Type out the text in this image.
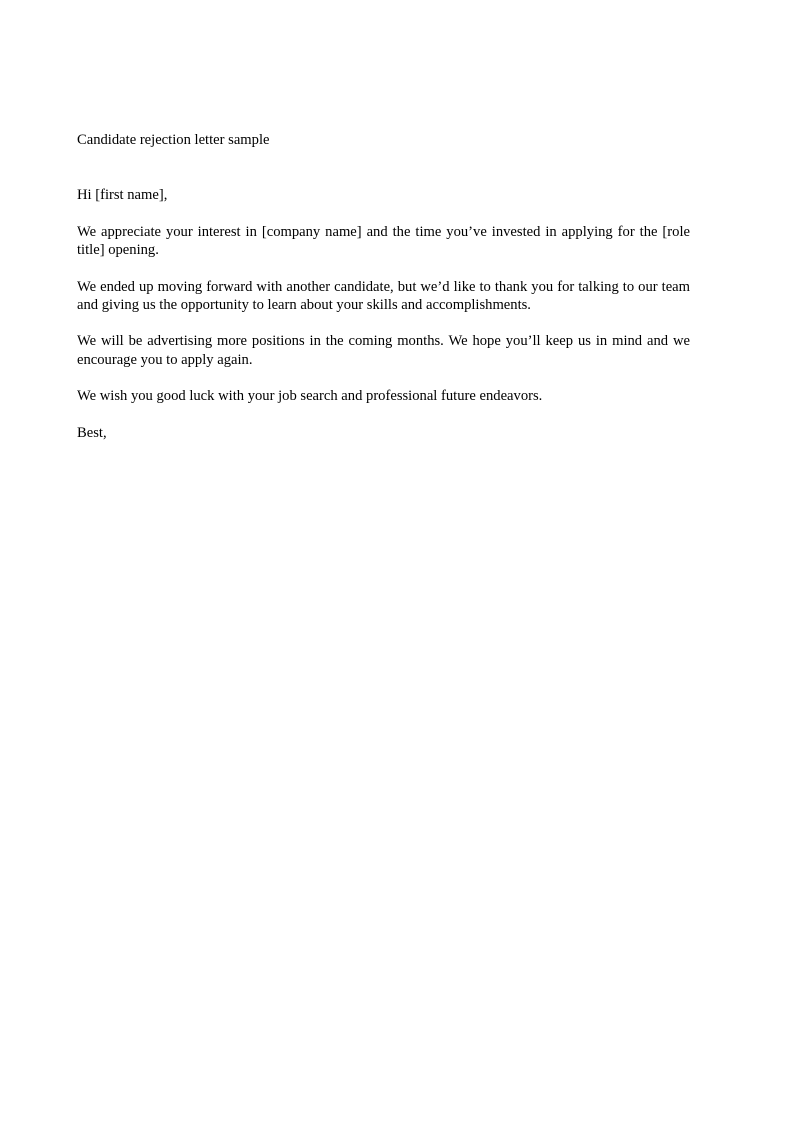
Candidate rejection letter sample

Hi [first name],

We appreciate your interest in [company name] and the time you’ve invested in applying for the [role title] opening.

We ended up moving forward with another candidate, but we’d like to thank you for talking to our team and giving us the opportunity to learn about your skills and accomplishments.

We will be advertising more positions in the coming months. We hope you’ll keep us in mind and we encourage you to apply again.

We wish you good luck with your job search and professional future endeavors.

Best,
